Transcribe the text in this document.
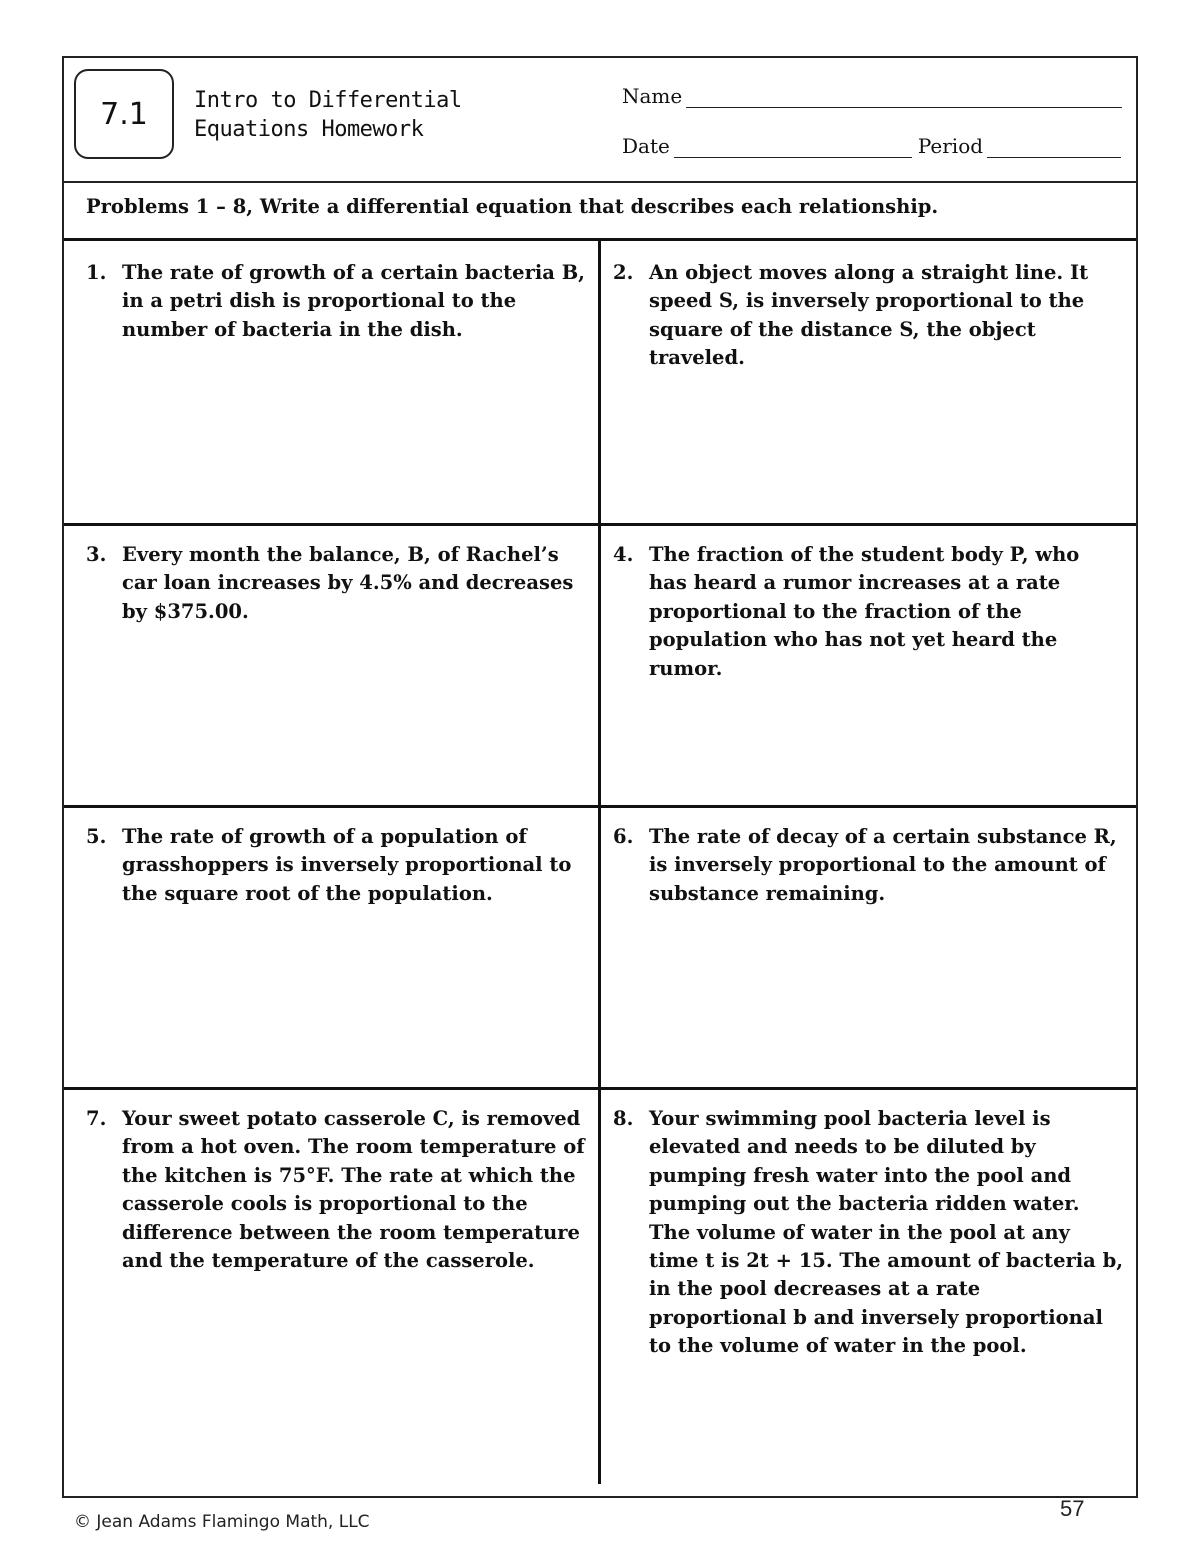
7.1	Intro to Differential
Equations Homework
Name
Date	Period
Problems 1 – 8, Write a differential equation that describes each relationship.
1. The rate of growth of a certain bacteria B, in a petri dish is proportional to the number of bacteria in the dish.
2. An object moves along a straight line. It speed S, is inversely proportional to the square of the distance S, the object traveled.
3. Every month the balance, B, of Rachel’s car loan increases by 4.5% and decreases by $375.00.
4. The fraction of the student body P, who has heard a rumor increases at a rate proportional to the fraction of the population who has not yet heard the rumor.
5. The rate of growth of a population of grasshoppers is inversely proportional to the square root of the population.
6. The rate of decay of a certain substance R, is inversely proportional to the amount of substance remaining.
7. Your sweet potato casserole C, is removed from a hot oven. The room temperature of the kitchen is 75°F. The rate at which the casserole cools is proportional to the difference between the room temperature and the temperature of the casserole.
8. Your swimming pool bacteria level is elevated and needs to be diluted by pumping fresh water into the pool and pumping out the bacteria ridden water. The volume of water in the pool at any time t is 2t + 15. The amount of bacteria b, in the pool decreases at a rate proportional b and inversely proportional to the volume of water in the pool.
© Jean Adams Flamingo Math, LLC
57
